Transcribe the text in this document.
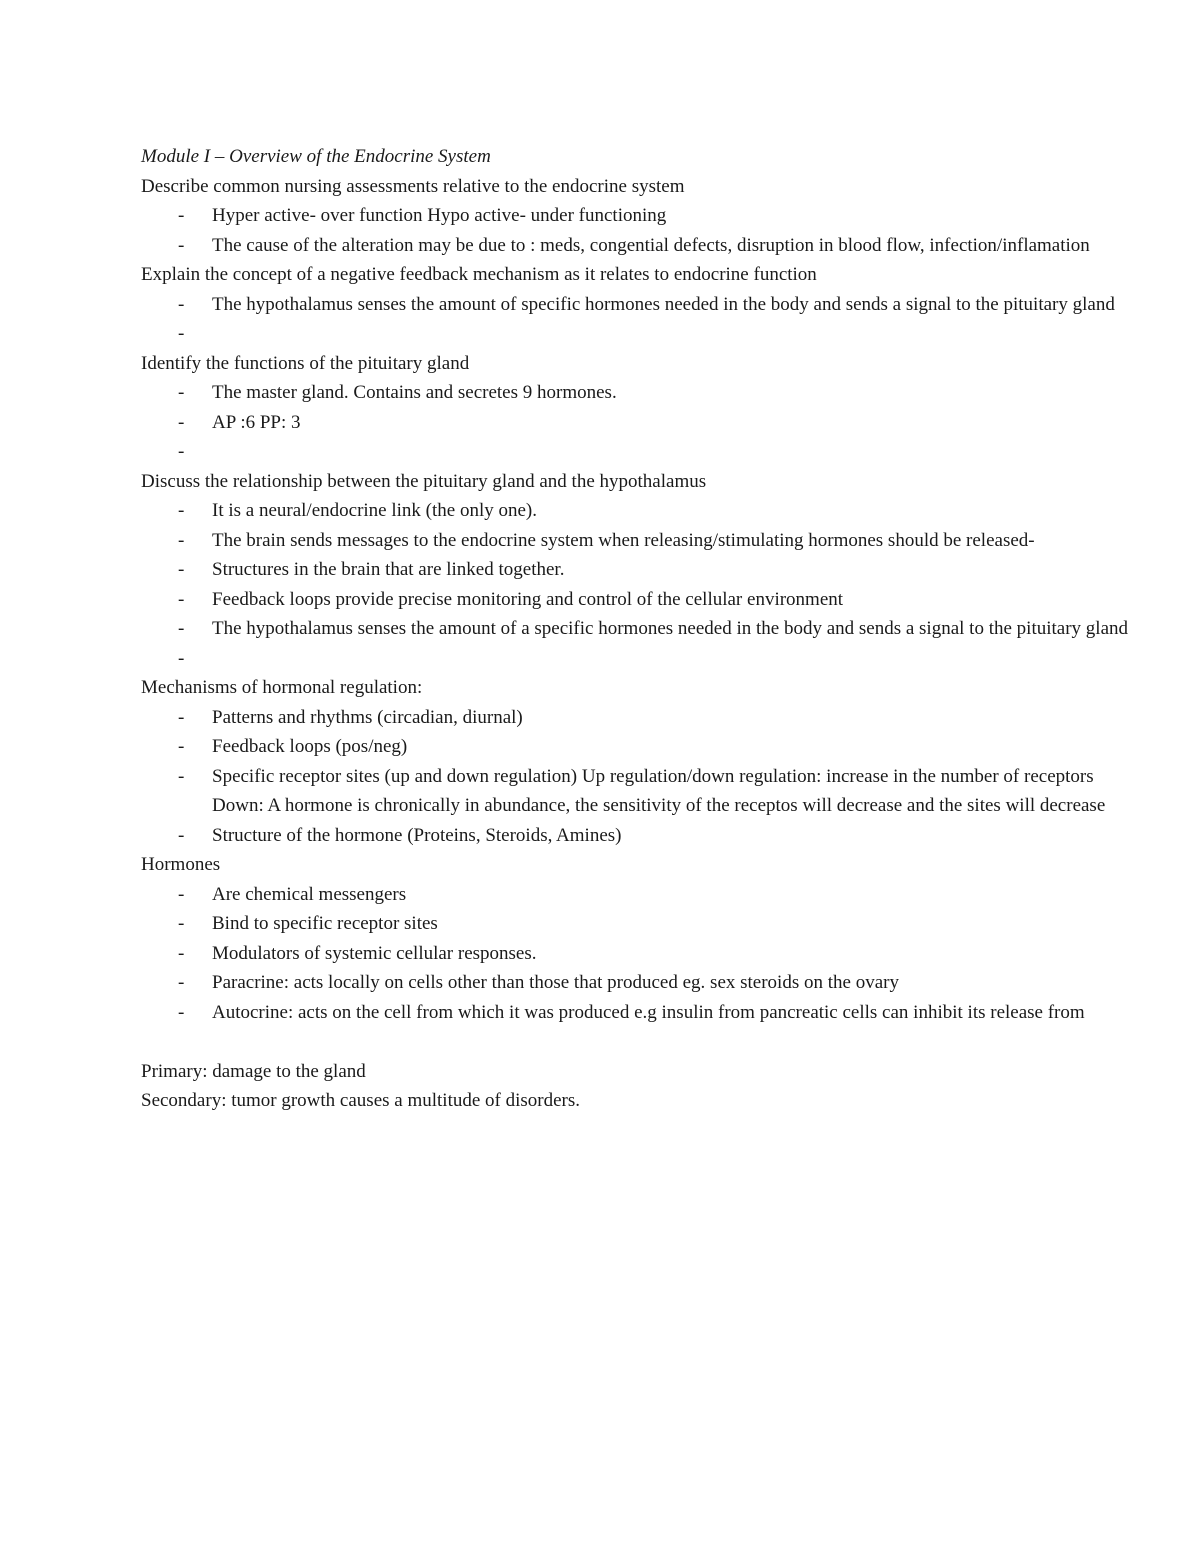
Module I – Overview of the Endocrine System
Describe common nursing assessments relative to the endocrine system
- Hyper active- over function Hypo active- under functioning
- The cause of the alteration may be due to : meds, congential defects, disruption in blood flow, infection/inflamation
Explain the concept of a negative feedback mechanism as it relates to endocrine function
- The hypothalamus senses the amount of specific hormones needed in the body and sends a signal to the pituitary gland
-
Identify the functions of the pituitary gland
- The master gland. Contains and secretes 9 hormones.
- AP :6 PP: 3
-
Discuss the relationship between the pituitary gland and the hypothalamus
- It is a neural/endocrine link (the only one).
- The brain sends messages to the endocrine system when releasing/stimulating hormones should be released-
- Structures in the brain that are linked together.
- Feedback loops provide precise monitoring and control of the cellular environment
- The hypothalamus senses the amount of a specific hormones needed in the body and sends a signal to the pituitary gland
-
Mechanisms of hormonal regulation:
- Patterns and rhythms (circadian, diurnal)
- Feedback loops (pos/neg)
- Specific receptor sites (up and down regulation) Up regulation/down regulation: increase in the number of receptors
Down: A hormone is chronically in abundance, the sensitivity of the receptos will decrease and the sites will decrease
- Structure of the hormone (Proteins, Steroids, Amines)
Hormones
- Are chemical messengers
- Bind to specific receptor sites
- Modulators of systemic cellular responses.
- Paracrine: acts locally on cells other than those that produced eg. sex steroids on the ovary
- Autocrine: acts on the cell from which it was produced e.g insulin from pancreatic cells can inhibit its release from
Primary: damage to the gland
Secondary: tumor growth causes a multitude of disorders.
